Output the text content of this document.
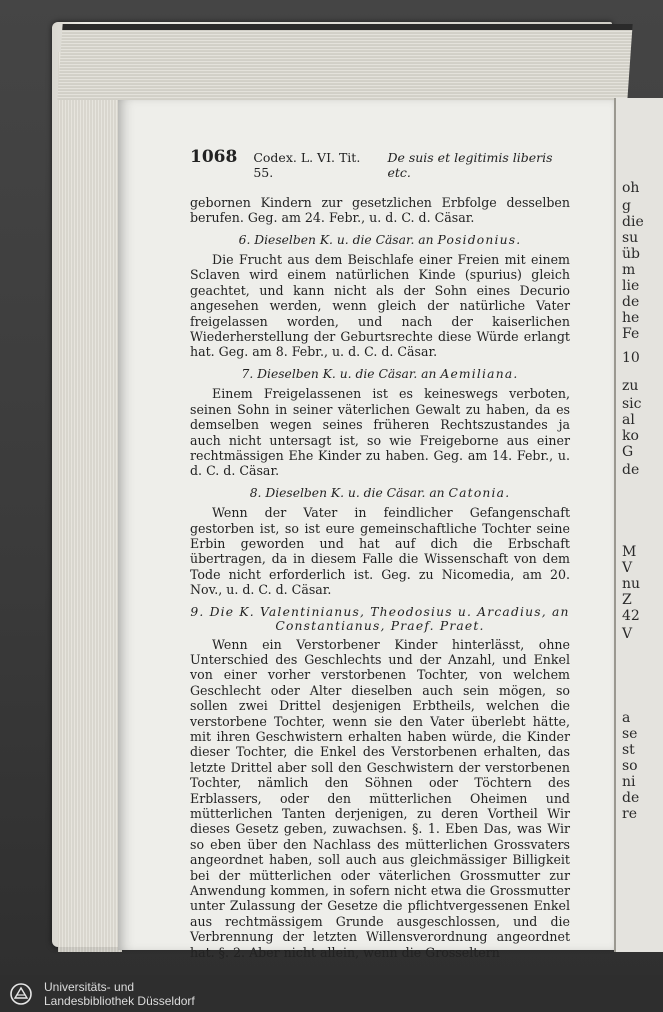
oh
g
die
su
üb
m
lie
de
he
Fe
10
zu
sic
al
ko
G
de
M
V
nu
Z
42
V
a
se
st
so
ni
de
re
1068 Codex. L. VI. Tit. 55.
De suis et legitimis liberis etc.

gebornen Kindern zur gesetzlichen Erbfolge desselben berufen. Geg. am 24. Febr., u. d. C. d. Cäsar.

6. Dieselben K. u. die Cäsar. an Posidonius.

Die Frucht aus dem Beischlafe einer Freien mit einem Sclaven wird einem natürlichen Kinde (spurius) gleich geachtet, und kann nicht als der Sohn eines Decurio angesehen werden, wenn gleich der natürliche Vater freigelassen worden, und nach der kaiserlichen Wiederherstellung der Geburtsrechte diese Würde erlangt hat. Geg. am 8. Febr., u. d. C. d. Cäsar.

7. Dieselben K. u. die Cäsar. an Aemiliana.

Einem Freigelassenen ist es keineswegs verboten, seinen Sohn in seiner väterlichen Gewalt zu haben, da es demselben wegen seines früheren Rechtszustandes ja auch nicht untersagt ist, so wie Freigeborne aus einer rechtmässigen Ehe Kinder zu haben. Geg. am 14. Febr., u. d. C. d. Cäsar.

8. Dieselben K. u. die Cäsar. an Catonia.

Wenn der Vater in feindlicher Gefangenschaft gestorben ist, so ist eure gemeinschaftliche Tochter seine Erbin geworden und hat auf dich die Erbschaft übertragen, da in diesem Falle die Wissenschaft von dem Tode nicht erforderlich ist. Geg. zu Nicomedia, am 20. Nov., u. d. C. d. Cäsar.

9. Die K. Valentinianus, Theodosius u. Arcadius, an
Constantianus, Praef. Praet.

Wenn ein Verstorbener Kinder hinterlässt, ohne Unterschied des Geschlechts und der Anzahl, und Enkel von einer vorher verstorbenen Tochter, von welchem Geschlecht oder Alter dieselben auch sein mögen, so sollen zwei Drittel desjenigen Erbtheils, welchen die verstorbene Tochter, wenn sie den Vater überlebt hätte, mit ihren Geschwistern erhalten haben würde, die Kinder dieser Tochter, die Enkel des Verstorbenen erhalten, das letzte Drittel aber soll den Geschwistern der verstorbenen Tochter, nämlich den Söhnen oder Töchtern des Erblassers, oder den mütterlichen Oheimen und mütterlichen Tanten derjenigen, zu deren Vortheil Wir dieses Gesetz geben, zuwachsen. §. 1. Eben Das, was Wir so eben über den Nachlass des mütterlichen Grossvaters angeordnet haben, soll auch aus gleichmässiger Billigkeit bei der mütterlichen oder väterlichen Grossmutter zur Anwendung kommen, in sofern nicht etwa die Grossmutter unter Zulassung der Gesetze die pflichtvergessenen Enkel aus rechtmässigem Grunde ausgeschlossen, und die Verbrennung der letzten Willensverordnung angeordnet hat. §. 2. Aber nicht allein, wenn die Grosseltern

Universitäts- und
Landesbibliothek Düsseldorf
